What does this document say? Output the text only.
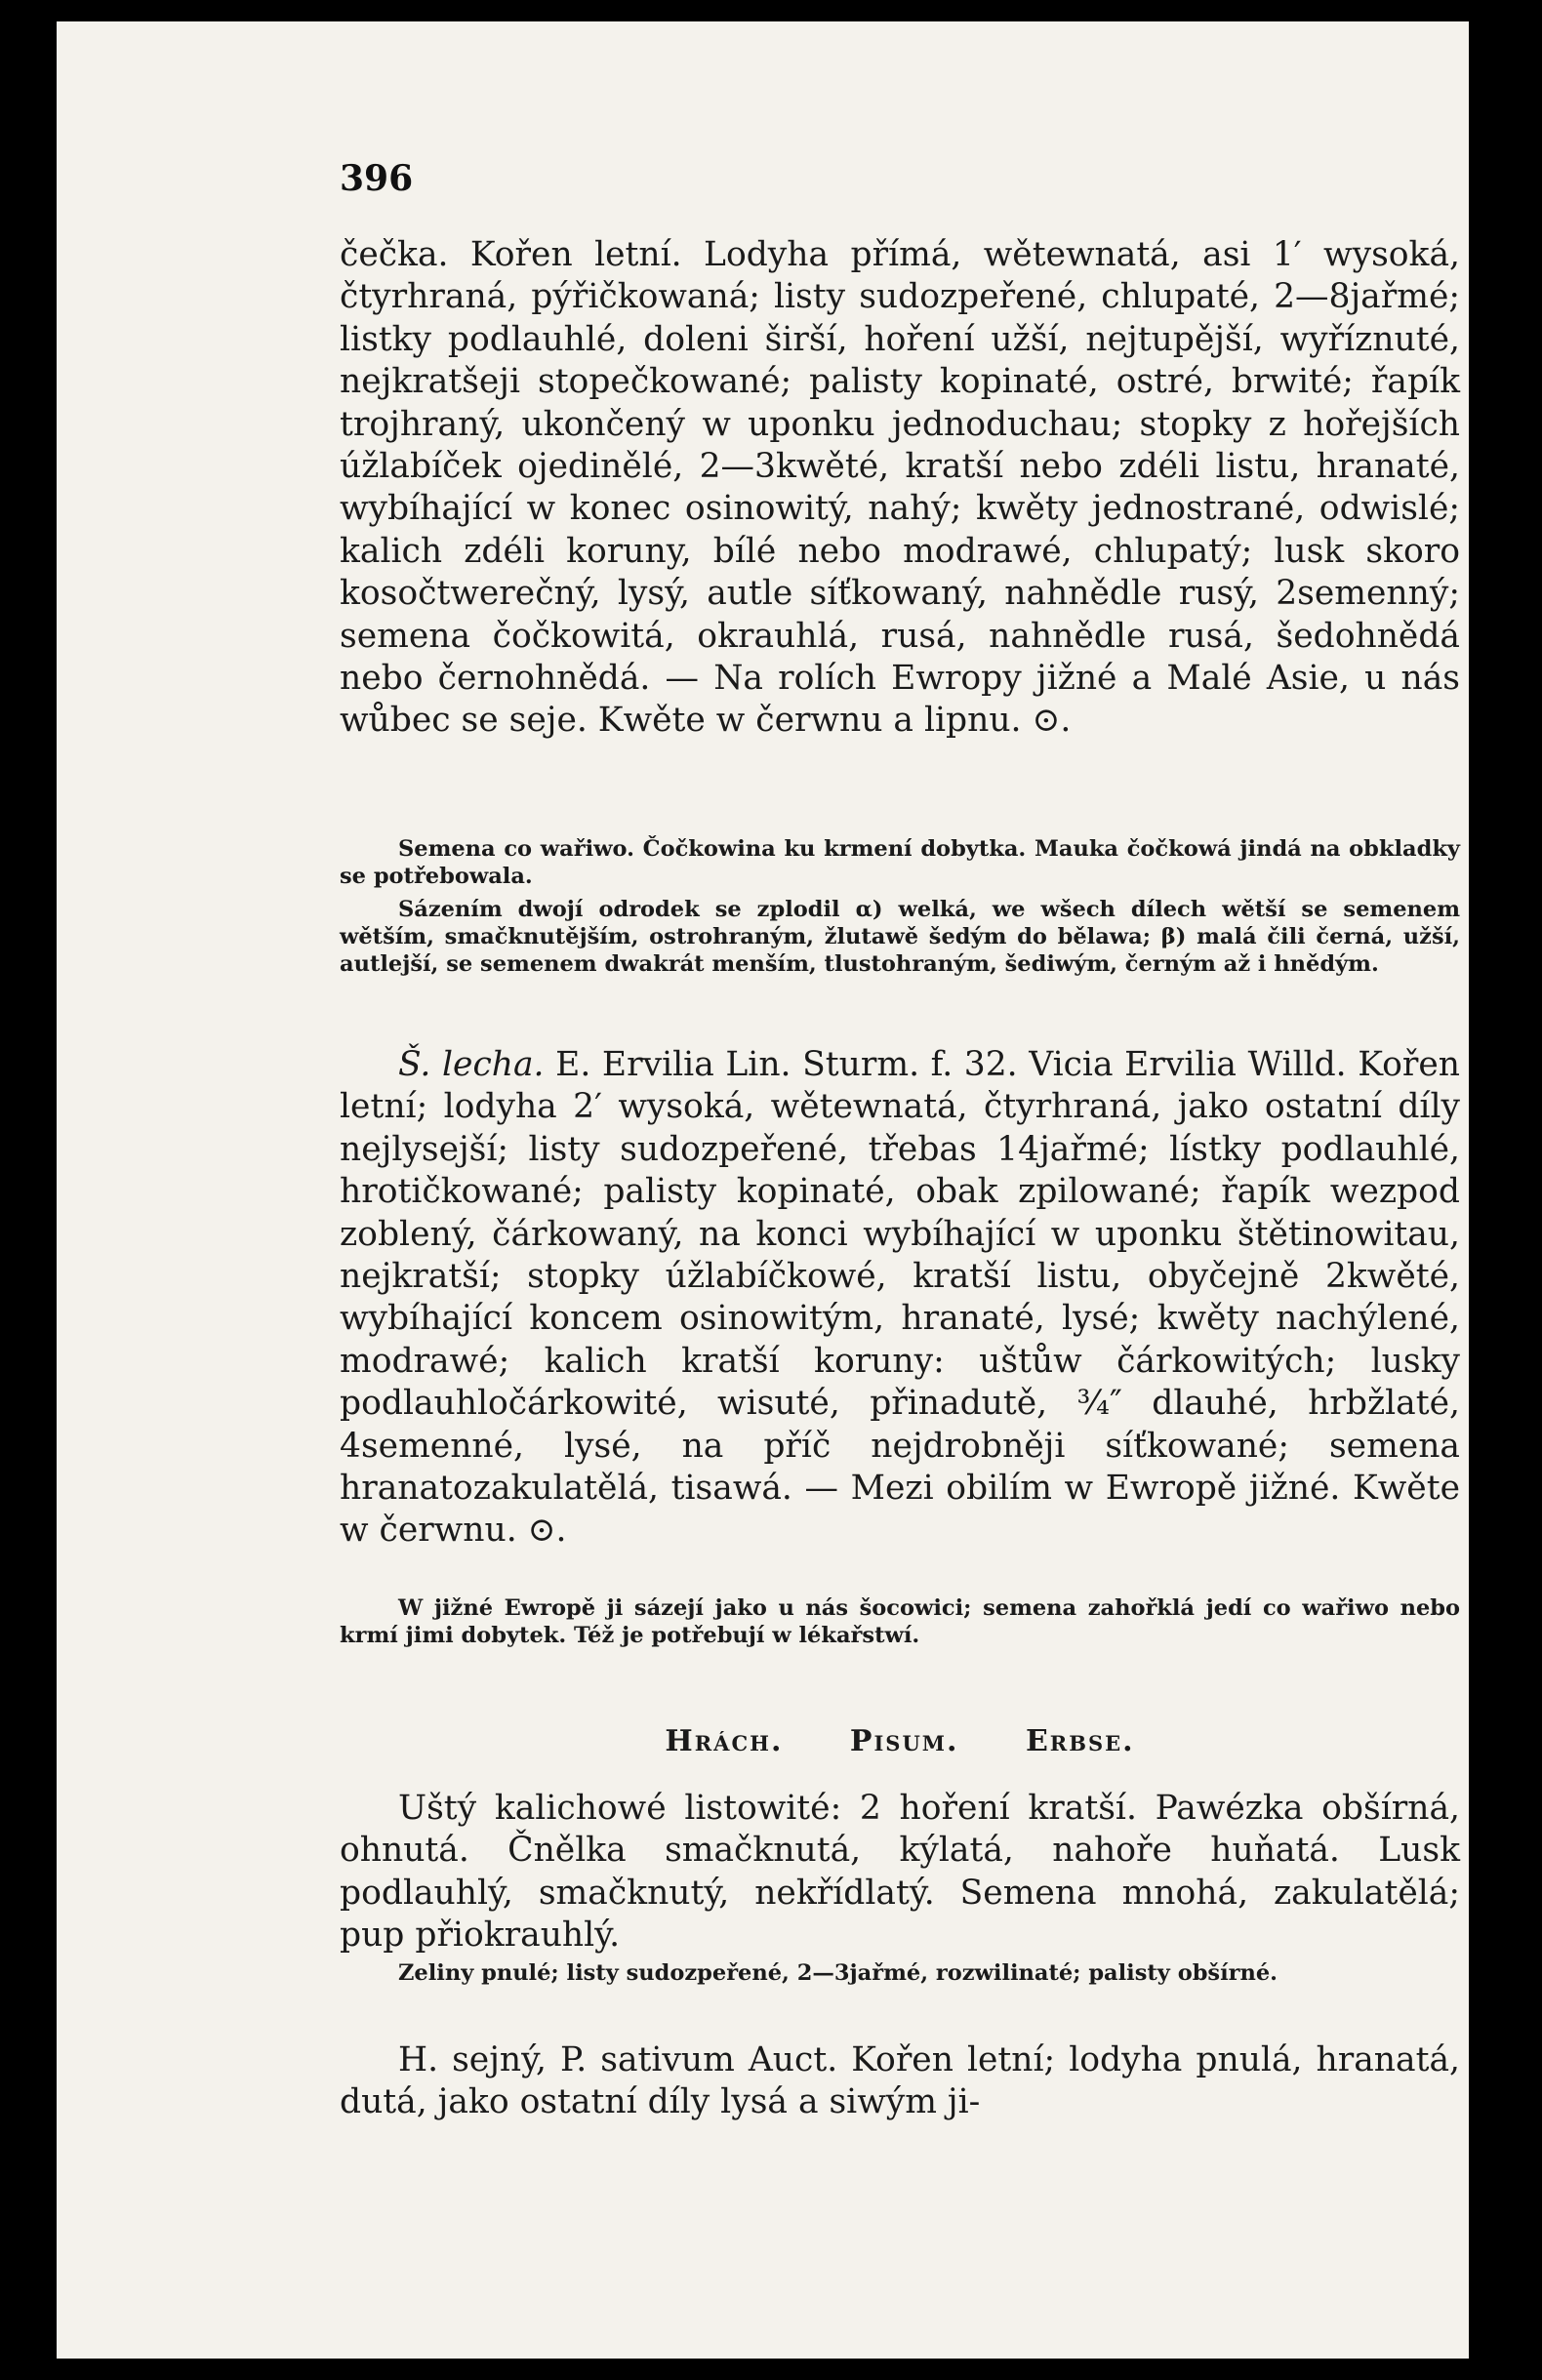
396

čečka. Kořen letní. Lodyha přímá, wětewnatá, asi 1′ wysoká, čtyrhraná, pýřičkowaná; listy sudozpeřené, chlupaté, 2—8jařmé; listky podlauhlé, doleni širší, hoření užší, nejtupější, wyříznuté, nejkratšeji stopečkowané; palisty kopinaté, ostré, brwité; řapík trojhraný, ukončený w uponku jednoduchau; stopky z hořejších úžlabíček ojedinělé, 2—3kwěté, kratší nebo zdéli listu, hranaté, wybíhající w konec osinowitý, nahý; kwěty jednostrané, odwislé; kalich zdéli koruny, bílé nebo modrawé, chlupatý; lusk skoro kosočtwerečný, lysý, autle síťkowaný, nahnědle rusý, 2semenný; semena čočkowitá, okrauhlá, rusá, nahnědle rusá, šedohnědá nebo černohnědá. — Na rolích Ewropy jižné a Malé Asie, u nás wůbec se seje. Kwěte w čerwnu a lipnu. ⊙.

Semena co wařiwo. Čočkowina ku krmení dobytka. Mauka čočkowá jindá na obkladky se potřebowala.

Sázením dwojí odrodek se zplodil α) welká, we wšech dílech wětší se semenem wětším, smačknutějším, ostrohraným, žlutawě šedým do bělawa; β) malá čili černá, užší, autlejší, se semenem dwakrát menším, tlustohraným, šediwým, černým až i hnědým.

Š. lecha. E. Ervilia Lin. Sturm. f. 32. Vicia Ervilia Willd. Kořen letní; lodyha 2′ wysoká, wětewnatá, čtyrhraná, jako ostatní díly nejlysejší; listy sudozpeřené, třebas 14jařmé; lístky podlauhlé, hrotičkowané; palisty kopinaté, obak zpilowané; řapík wezpod zoblený, čárkowaný, na konci wybíhající w uponku štětinowitau, nejkratší; stopky úžlabíčkowé, kratší listu, obyčejně 2kwěté, wybíhající koncem osinowitým, hranaté, lysé; kwěty nachýlené, modrawé; kalich kratší koruny: uštůw čárkowitých; lusky podlauhločárkowité, wisuté, přinadutě, ¾″ dlauhé, hrbžlaté, 4semenné, lysé, na příč nejdrobněji síťkowané; semena hranatozakulatělá, tisawá. — Mezi obilím w Ewropě jižné. Kwěte w čerwnu. ⊙.

W jižné Ewropě ji sázejí jako u nás šocowici; semena zahořklá jedí co wařiwo nebo krmí jimi dobytek. Též je potřebují w lékařstwí.

Hrách. Pisum. Erbse.

Uštý kalichowé listowité: 2 hoření kratší. Pawézka obšírná, ohnutá. Čnělka smačknutá, kýlatá, nahoře huňatá. Lusk podlauhlý, smačknutý, nekřídlatý. Semena mnohá, zakulatělá; pup přiokrauhlý.

Zeliny pnulé; listy sudozpeřené, 2—3jařmé, rozwilinaté; palisty obšírné.

H. sejný, P. sativum Auct. Kořen letní; lodyha pnulá, hranatá, dutá, jako ostatní díly lysá a siwým ji-
